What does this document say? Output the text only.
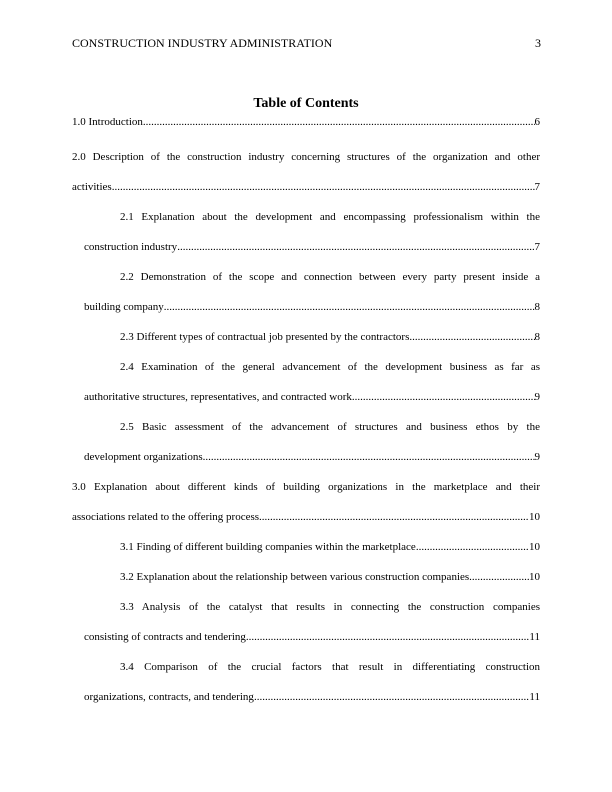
CONSTRUCTION INDUSTRY ADMINISTRATION	3
Table of Contents
1.0 Introduction .....	6
2.0 Description of the construction industry concerning structures of the organization and other
activities .....	7
2.1 Explanation about the development and encompassing professionalism within the
construction industry .....	7
2.2 Demonstration of the scope and connection between every party present inside a
building company .....	8
2.3 Different types of contractual job presented by the contractors .....	8
2.4 Examination of the general advancement of the development business as far as
authoritative structures, representatives, and contracted work .....	9
2.5 Basic assessment of the advancement of structures and business ethos by the
development organizations .....	9
3.0 Explanation about different kinds of building organizations in the marketplace and their
associations related to the offering process .....	10
3.1 Finding of different building companies within the marketplace .....	10
3.2 Explanation about the relationship between various construction companies .....	10
3.3 Analysis of the catalyst that results in connecting the construction companies
consisting of contracts and tendering .....	11
3.4 Comparison of the crucial factors that result in differentiating construction
organizations, contracts, and tendering .....	11
